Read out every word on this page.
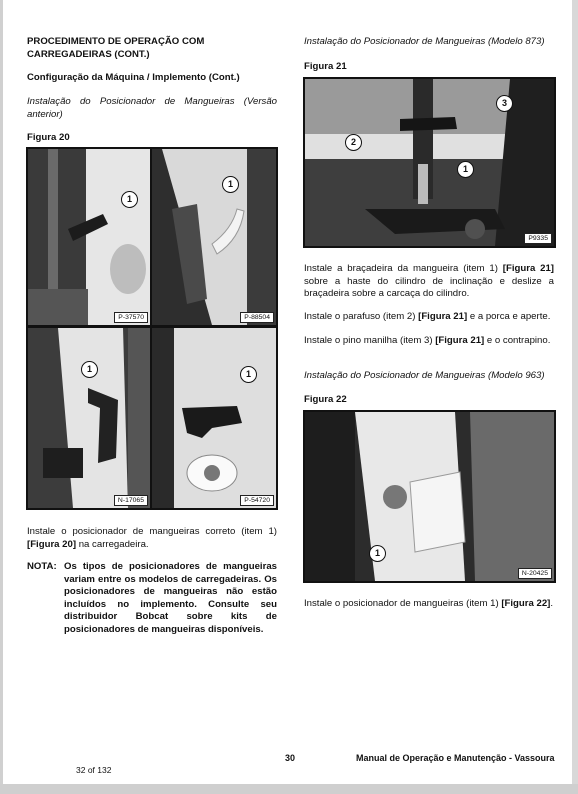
PROCEDIMENTO DE OPERAÇÃO COM CARREGADEIRAS (CONT.)
Configuração da Máquina / Implemento (Cont.)
Instalação do Posicionador de Mangueiras (Versão anterior)
Figura 20
1
P-37570
1
P-88504
1
N-17065
1
P-54720
Instale o posicionador de mangueiras correto (item 1) [Figura 20] na carregadeira.
NOTA: Os tipos de posicionadores de mangueiras variam entre os modelos de carregadeiras. Os posicionadores de mangueiras não estão incluídos no implemento. Consulte seu distribuidor Bobcat sobre kits de posicionadores de mangueiras disponíveis.
Instalação do Posicionador de Mangueiras (Modelo 873)
Figura 21
2
3
1
P9335
Instale a braçadeira da mangueira (item 1) [Figura 21] sobre a haste do cilindro de inclinação e deslize a braçadeira sobre a carcaça do cilindro.
Instale o parafuso (item 2) [Figura 21] e a porca e aperte.
Instale o pino manilha (item 3) [Figura 21] e o contrapino.
Instalação do Posicionador de Mangueiras (Modelo 963)
Figura 22
1
N-20425
Instale o posicionador de mangueiras (item 1) [Figura 22].
30	Manual de Operação e Manutenção - Vassoura
32 of 132
